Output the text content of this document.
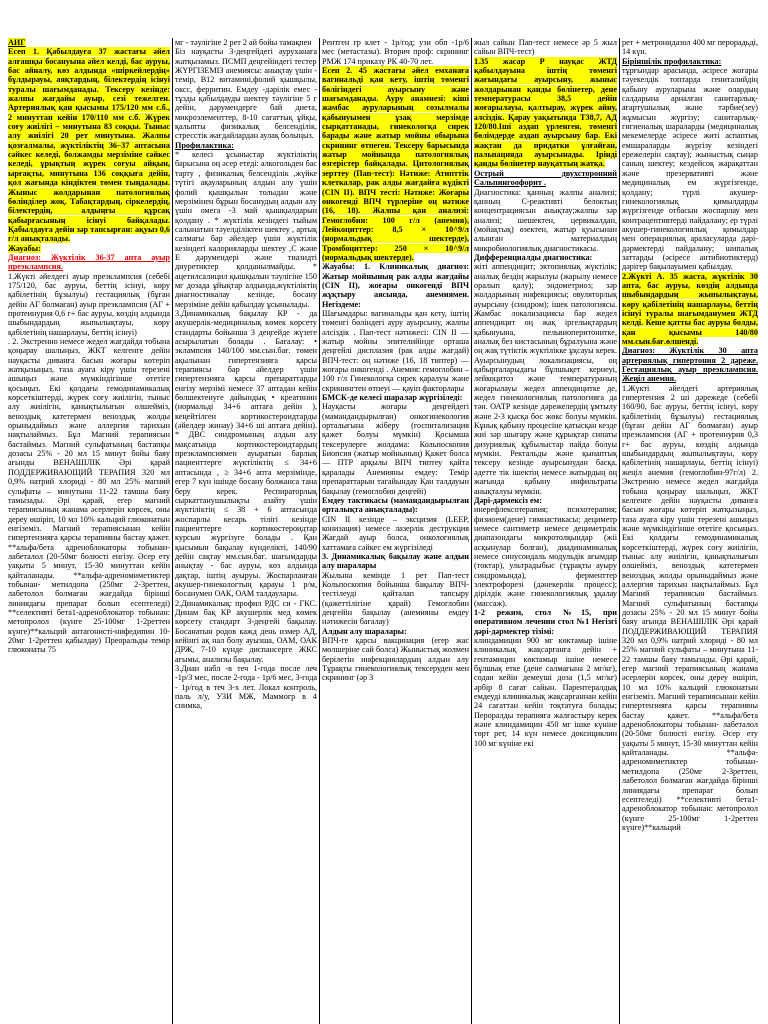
АИГ

Есеп 1. Қабылдауға 37 жастағы әйел алғашқы босануына әйел келді, бас ауруы, бас айналу, көз алдында «шіркейлердің» бұлдырауы, аяқтардың, білектердің ісінуі туралы шағымданады. Тексеру кезінде: жалпы жағдайы ауыр, сезі тежелген. Артериялық қан қысымы 175/120 мм с.б., 2 минуттан кейін 170/110 мм с.б. Жүрек соғу жиілігі – минутына 83 соққы. Тыныс алу жиілігі 20 рет минутына. Жалпы қозғалмалы, жүктіліктің 36–37 аптасына сәйкес келеді, болжамды мерзіміне сәйкес келеді, ұрықтың жүрек соғуы айқын, ырғақты, минутына 136 соққыға дейін, қол жағында кіндіктен төмен тыңдалады. Жыныс жолдарынан патологиялық бөлінділер жоқ. Табақтардың, сіркелердің, білектердің, алдыңғы құрсақ қабырғасының ісінуі байқалады. Қабылдауға дейін зәр тапсырған: ақуыз 0,6 г/л анықталады.

Жауабы:

Диагноз: Жүктілік 36-37 апта ауыр преэклампсия.

1.Жүкті әйелдегі ауыр преэклампсия (себебі 175/120, бас ауруы, беттің ісінуі, көру қабілетінің бұзылуы) гестациялық (бұған дейін АГ болмаған) ауыр преэклампсия (АГ + протеинурия 0,6 г+ бас ауруы, көздің алдында шыбындардың жыпылықтауы, көру қабілетінің нашарлауы, беттің ісінуі)

. 2. Экстренно немесе жедел жағдайда тобына қоңырау шалыңыз, ЖКТ келгенге дейін науқасты диванға басын жоғары көтеріп жатқызыңыз, таза ауаға кіру үшін терезені ашыңыз және мүмкіндігінше өтетіге қосыңыз. Екі қолдағы гемодинамикалық көрсеткіштерді, жүрек соғу жиілігін, тыныс алу жиілігін, қанықтылығын өлшейміз, веноздық катетермен веноздық жолды орыныдаймыз және аллергия тарихын нақтылаймыз. Бұл Магний терапиясын бастаймыз. Магний сульфатының бастапқы дозасы 25% - 20 мл 15 минут бойы баяу ағынды ВЕНАШІЛІК Әрі қарай ПОДДЕРЖИВАЮЩИЙ ТЕРАПИЯ 320 мл 0,9% натрий хлориді - 80 мл 25% магний сульфаты – минутына 11-22 тамшы баяу тамызады. Әрі қарай, егер магний терапиясының жанама әсерлерін көрсек, оны дереу өшіріп, 10 мл 10% кальций глюконатын енгіземіз. Магний терапиясынан кейін гипертензияға қарсы терапияны бастау қажет. **альфа/бета адреноблокаторы тобынан- лабеталол (20-50мг болюсті енгізу. Әсер ету уақыты 5 минут, 15-30 минуттан кейін қайталанады. **альфа-адреномиметиктер тобынан- метилдопа (250мг 2-3реттен, лабетолол болмаған жағдайда бірінші линиядағы препарат болып есептеледі) **селективті бета1-адреноблокатор тобынан: метопролол (күнге 25-100мг 1-2реттен күнге)**кальций антагонисті-нифедипин 10-20мг 1-2реттен қабылдау) Преоральды темір глюконаты 75

мг - тәулігіне 2 рет 2 ай бойы тамақпен

Біз науқасты 3-деңгейдегі ауруханаға жатқызамыз. ПСМП деңгейіндегі тестер

ЖҮРГІЗЕМІЗ анемиясы: анықтау үшін - темір, В12 витамині,фолий қышқылы, оксс, ферритин. Емдеу -дәрілік емес - тұзды қабылдауды шектеу тәулігіне 5 г дейін, дәрумендерге бай диета, микроэлементтер, 8-10 сағаттық ұйқы, қалыпты физикалық белсенділік, стресстік жағдайлардан аулақ болыңыз.

Профилактика:

* келесі ұсыныстар жүктіліктің барысына оң әсер етеді: алкогольден бас тарту , физикалық белсенділік ,жүйке түтігі ақауларының алдын алу үшін фолий қышқылын толыдан және мерзімінен бұрын босанудың алдын алу үшін омега -3 май қышқылдарын қолдану . * жүктілік кезіндегі тыйым салынатын тәуелділіктен шектеу , артық салмағы бар әйелдер үшін жүктілік кезіндегі калорияларды шектеу ,С және Е дәрумендері және тиазидті диуретиктер қолданылмайды. * ацетилсалицил қышқылын тәулігіне 150 мг дозада ұйықтар алдында,жүктіліктің диагностикалау кезінде, босану мерзіміне дейін қабылдау ұсынылады.

3.Динамикалық бақылау КР - да акушерлік-медициналық көмек көрсету стандарты бойынша 3 деңгейде жүзеге асырылатын болады . Бағалау: • эклампсия 140/100 мм.сын.бағ. төмен ақылынан гипертензияға қарсы терапиясы бар әйелдер үшін гипертензияға қарсы препараттарды енгізу мерзімі немесе 37 аптадан кейін бөлшектенуге дайындық • креатинин (нормальді 34+6 аптаға дейін ), кеңейтілген кортикостероидтарды (әйелдер жинау) 34+6 ші аптаға дейін). * ДВС синдромының алдын алу мақсатында кортикостероидтардың преэклампсиямен ауыратын барлық пациенттерге жүктіліктің ≤ 34+6 аптасында , ≥ 34+6 апта мерзімінде, егер 7 күн ішінде босану болжанса тана беру керек. Респираторлық сыркаттанушылықты азайту үшін жүктіліктің ≤ 38 + 6 аптасында жоспарлы кесарь тілігі кезінде пациенттерге кортикостероидтар курсын жүргізуге болады . Қан қысымын бақылау күнделікті, 140/90 дейін сақтау мм.сын.бағ. шағымдарды анықтау - бас ауруы, көз алдында дақтар, іштің ауыруы. Жоспарланған акушер-гинекологтың қарауы 1 р/м, босанумен ОАК, ОАМ талдаулары.

2.Динамикалық: профил РДС си - ГКС. Динам бақ КР акушерлік мед көмек көрсету стандарт 3-деңгейі бақылау. Босанатын родов кажд день измер АД, кейінгі ақ нал болу ауызша, ОАМ, ОАК ДРЖ, 7-10 күнде диспансерге ЖКС ағымы, анализы бақылау.

3.Диан набл -в теч 1-года после леч -1р/3 мес, после 2-года - 1р/6 мес, 3-года - 1р/год в теч 3-х лет. Локал контроль, паль л/у, УЗИ МЖ, Маммогр в 4 снимка,

Рентген гр клет - 1р/год; узи обп -1р/6 мес (метастазы). Вторич проф: скрининг РМЖ 174 приказу РК 40-70 лет.

Есеп 2. 45 жастағы әйел емханаға вагинальді қан кету, іштің төменгі бөлігіндегі ауырсыну және шағымданады. Ауру анамнезі: кіші жамбас ауруларының созылмалы қабынуымен ұзақ мерзімде сырқаттанады, гинекологқа сирек барады және жатыр мойны обырына скрининг өтпеген. Тексеру барысында жатыр мойнында патологиялық өзгерістер байқалады. Цитологиялық зерттеу (Пап-тест): Нәтиже: Атипттік клеткалар, рак алды жағдайға күдікті (CIN II). ВПЧ тесті: Нәтиже: Жоғары онкогенді ВПЧ түрлеріне оң нәтиже (16, 18). Жалпы қан анализі: Гемоглобин: 100 г/л (анемия), Лейкоциттер: 8,5 × 10^9/л (нормальдық шектерде), Тромбоциттер: 250 × 10^9/л (нормальдық шектерде).

Жауабы: 1. Клиникалық диагноз: Жатыр мойнының рак алды жағдайы (CIN II), жоғары онкогенді ВПЧ жұқтыру аясында, анемиямен. Негіздеме:

Шағымдары: вагинальды қан кету, іштің төменгі бөліндегі ауру ауырсыну, жалпы әлсіздік . Пап-тест нәтижесі: CIN II — жатыр мойны эпителийінде орташа деңгейлі дисплазия (рак алды жағдай) ВПЧ-тест: оң нәтиже (16, 18 типтер) — жоғары онкогенді . Анемия: гемоглобин – 100 г/л Гинекологқа сирек қаралуы және скринингтен өтпеуі — қауіп факторлары

БМСК-де келесі шаралар жүргізіледі:

Науқасты жоғары деңгейдегі (мамандандырылған) онкогинекология орталығына жіберу (госпитализация қажет болуы мүмкін) Қосымша тексерулерге жолдама: Кольпоскопия Биопсия (жатыр мойнының) Қажет болса — ПТР арқылы ВПЧ типтеу қайта қаралады Анемияны емдеу: Темір препараттарын тағайындау Қан талдауын бақылау (гемоглобин деңгейі)

Емдеу тактикасы (мамандандырылған орталықта анықталады):

CIN II кезінде – эксцизия (LEEP, конизация) немесе лазерлік деструкция Жағдай ауыр болса, онкологиялық хаттамаға сәйкес ем жүргізіледі

3. Динамикалық бақылау және алдын алу шаралары

Жылына кемінде 1 рет Пап-тест Кольпоскопия бойынша бақылау ВПЧ-тестілеуді қайталап тапсыру (қажеттілігіне қарай) Гемоглобин деңгейін бақылау (анемияны емдеу нәтижесін бағалау)

Алдын алу шаралары:

ВПЧ-ге қарсы вакцинация (егер жас мөлшеріне сай болса) Жыныстық жолмен берілетін инфекциялардың алдын алу Тұрақты гинекологиялық тексеруден мен скрининг (әр 3

жыл сайын Пап-тест немесе әр 5 жыл сайын ВПЧ-тест)

1.35 жасар Р науқас ЖТД қабылдауына іштің төменгі жағындағы ауырсыну, жыныс жолдарынан қанды бөлінетер, дене температурасы 38,5 дейін жоғарылауы, қалтырау, жүрек айну, әлсіздік. Қарау уақытында Т38,7, АД 120/80.Іші аздап үрленген, төменгі бөлімдерде аздап ауырсыну бар. Екі жақтан да придатки ұлғайған, пальпацияда ауырсынады. Ірінді қанды бөлінетер науқаттың жатқа.

Острый двухсторонний Сальпингоофорит .

Диагностика: қанның жалпы анализі; қанның С-реактивті белоктың концентрациясын анықтау;жалпы зәр анализі; шешектен, цервикалдан, (мойақтық) өзектен, жатыр қуысынан алынған материалдың микробиологиялық диагностикасы.

Дифференциалды диагностика:

жіті аппендицит; эктопиялық жүктілік; аналық бездің жарылуы (жарылу немесе оралып қалу); эндометриоз; зәр жолдарының инфекциясы; овуляторлық ауырсыну (синдром); ішек патологиясы. Жамбас локализациясы бар жедел аппендицит оң жақ іргелықтардың қабынуына, пельвиоперитонитке, аналық без кистасының бұралуына және оң жақ түтіктік жүктілікке ұқсауы керек. Ауырсынудың локализациясы, оң қабырғаларыдағы бұлшықет кернеуі, лейкоцитоз және температураның жоғарылауы жедел аппендицитке де, жедел гинекологиялық патологияға да тән. ОАТР кезінде дәрежелердің ұмтылу және 2-3 қысқа бос жөкс болуы мүмкін. Кұнық қабыну процесіне қатысқан кезде жиі зәр шығару және құрықтар сипаты дизуриялық құбылыстар пайда болуы мүмкін. Ректальды және қынаптық тексеру кезінде ауырсынудан басқа, әдетте тік ішектің немесе жатырдың оң жағында қабыну инфильтраты анықталуы мүмкін.

Дәрі-дәрмексіз ем:

инерефлексотерапия; психотерапия; физиоем(дене) гимнастикасы; дециметр немесе сантиметр немесе дециметрлік диапазондағы микротолқындар (жіі асқынулар болған), диадинамикалық немесе синусоидаль модульдік ағымдар (токтар), ультрадыбыс (тұрақты ауыру синдромында), ферменттер электрофорезі (дәнекерлік процесс); дірілдік және гинекологиялық ұқалау (массаж).

1-2 режим, стол №15, при оперативном лечении стол №1 Негізгі дәрі-дәрмектер тізімі:

клиндамицин 900 мг көктамыр ішіне клиникалық жақсарғанға дейін + гентамицин көктамыр ішіне немесе бұлшық етке (дене салмағына 2 мг/кг), содан кейін демеуші доза (1,5 мг/кг) әрбір 8 сағат сайын. Парентералдық емдеуді клиникалық жақсарғаннан кейін 24 сағаттан кейін тоқтатуға болады; Пероралды терапияға жалғастыру керек және клиндамицин 450 мг ішке күніне төрт рет, 14 күн немесе доксициклин 100 мг күніне екі

рет + метронидазол 400 мг перорадьді, 14 күн.

Біріншілік профилактика:

тұрғындар арасында, әсіресе жоғары тәуекелдік топтарда гениталийдің қабыну ауруларына және олардың салдарына арналған санитарлық-ағартушылық және тәрбие(зеу) жұмысын жүргізу; санитарлық-гигиеналық шараларды (медициналық мекемелерде әсіресе житі аспаптық емшараларды жүргізу кезіндегі ережелерін сақтау); жыныстық сыңар саның шектеу; кездейсоқ жарақаттан және презервативті және медициналық ем жүргізгенде, қолдану; түрлі акушер-гинекологиялық қимылдарды жүргізгенде отбасын жоспарлау мен контрацептивтерді пайдалану; ер түрлі акушер-гинекологиялық қимылдар мен операциялық араласуларда дәрі-дәрмектерді пайдалану; шипалық заттарды (әсіресе антибиотиктерд) дәрігер бақылауымен қабылдау.

2.Жүкті А. 35 жаста, жүктілік 30 апта, бас ауруы, көздің алдында шыбындардың жыпылықтауы, көру қабілетінің нашарлауы, беттің ісінуі туралы шағымданумен ЖТД келді. Кеше қатты бас ауруы болды, қан қысымы 140/80 мм.сын.бағ.өлшенді.

Диагноз: Жүктілік 30 апта артериялық гипертония 2 дәреже. Гестациялық ауыр преэклампсия. Жеңіл анемия.

1.Жүкті әйелдегі артериялық гипертензия 2 ші дәрежеде (себебі 160/90, бас ауруы, беттің ісінуі, көру қабілетінің бұзылуы) гестациялық (бұған дейін АГ болмаған) ауыр преэклампсия (АГ + протеинурия 0,3 г+ бас ауруы, көздің алдында шыбындардың жыпылықтауы, көру қабілетінің нашарлауы, беттің ісінуі) жеңіл анемия (гемоглобин-97г/л) 2. Экстренно немесе жедел жағдайда тобына қоңырау шалыңыз, ЖКТ келгенге дейін науқасты диванға басын жоғары көтеріп жатқызыңыз, таза ауаға кіру үшін терезені ашыңыз және мүмкіндігінше өтетіге қосыңыз. Екі қолдағы гемодинамикалық көрсеткіштерді, жүрек соғу жиілігін, тыныс алу жиілігін, қанықтылығын өлшейміз, веноздық катетермен веноздық жолды орыныдаймыз және аллергия тарихын нақтылаймыз. Бұл Магний терапиясын бастаймыз. Магний сульфатының бастапқы дозасы 25% - 20 мл 15 минут бойы баяу ағында ВЕНАШІЛІК Әрі қарай ПОДДЕРЖИВАЮЩИЙ ТЕРАПИЯ 320 мл 0,9% натрий хлориді - 80 мл 25% магний сульфаты – минутына 11-22 тамшы баяу тамызады. Әрі қарай, егер магний терапиясының жанама әсерлерін көрсек, оны дереу өшіріп, 10 мл 10% кальций глюконатын енгіземіз. Магний терапиясынан кейін гипертензияға қарсы терапияны бастау қажет. **альфа/бета адреноблокаторы тобынан- лабеталол (20-50мг болюсті енгізу. Әсер ету уақыты 5 минут, 15-30 минуттан кейін қайталанады. **альфа-адреномиметиктер тобынан-метилдопа (250мг 2-3реттен, лабетолол болмаған жағдайда бірінші линиядағы препарат болып есептеледі) **селективті бета1-адреноблокатор тобынан: метопролол (күнге 25-100мг 1-2реттен күнге)**кальций
